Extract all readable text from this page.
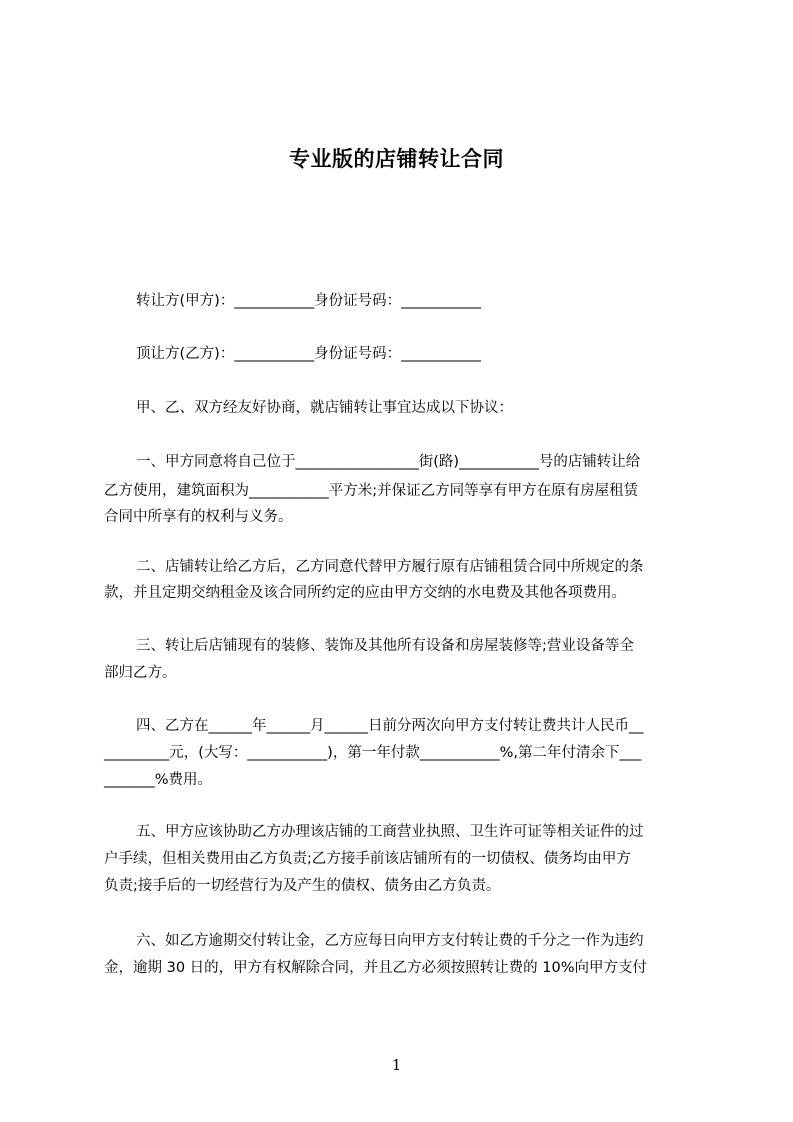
专业版的店铺转让合同
转让方(甲方)：___________身份证号码：___________
顶让方(乙方)：___________身份证号码：___________
甲、乙、双方经友好协商，就店铺转让事宜达成以下协议：
一、甲方同意将自己位于_________________街(路)___________号的店铺转让给
乙方使用，建筑面积为___________平方米;并保证乙方同等享有甲方在原有房屋租赁
合同中所享有的权利与义务。
二、店铺转让给乙方后，乙方同意代替甲方履行原有店铺租赁合同中所规定的条
款，并且定期交纳租金及该合同所约定的应由甲方交纳的水电费及其他各项费用。
三、转让后店铺现有的装修、装饰及其他所有设备和房屋装修等;营业设备等全
部归乙方。
四、乙方在______年______月______日前分两次向甲方支付转让费共计人民币__
_________元，(大写：___________)，第一年付款___________%,第二年付清余下___
_______%费用。
五、甲方应该协助乙方办理该店铺的工商营业执照、卫生许可证等相关证件的过
户手续，但相关费用由乙方负责;乙方接手前该店铺所有的一切债权、债务均由甲方
负责;接手后的一切经营行为及产生的债权、债务由乙方负责。
六、如乙方逾期交付转让金，乙方应每日向甲方支付转让费的千分之一作为违约
金，逾期 30 日的，甲方有权解除合同，并且乙方必须按照转让费的 10%向甲方支付
1
